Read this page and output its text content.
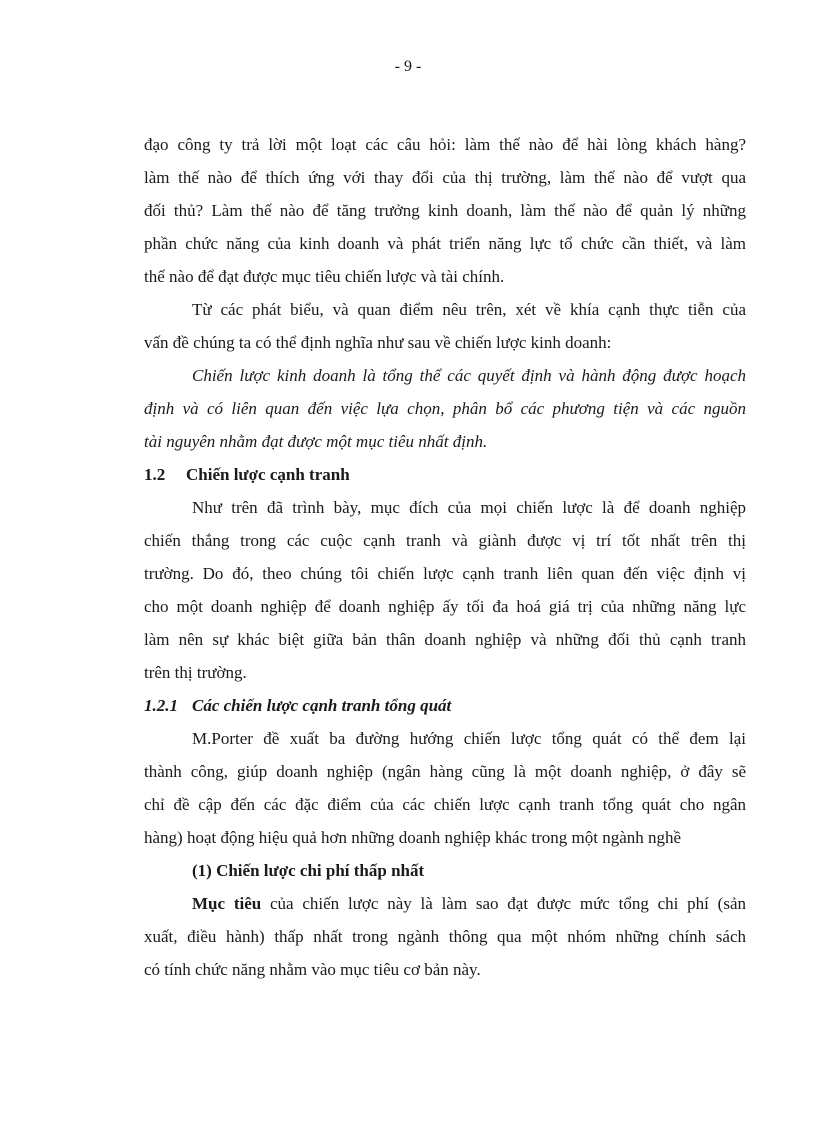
- 9 -
đạo công ty trả lời một loạt các câu hỏi: làm thế nào để hài lòng khách hàng?
làm thế nào để thích ứng với thay đổi của thị trường, làm thế nào để vượt qua
đối thủ? Làm thế nào để tăng trưởng kinh doanh, làm thế nào để quản lý những
phần chức năng của kinh doanh và phát triển năng lực tổ chức cần thiết, và làm
thế nào để đạt được mục tiêu chiến lược và tài chính.
Từ các phát biểu, và quan điểm nêu trên, xét về khía cạnh thực tiễn của
vấn đề chúng ta có thể định nghĩa như sau về chiến lược kinh doanh:
Chiến lược kinh doanh là tổng thể các quyết định và hành động được hoạch
định và có liên quan đến việc lựa chọn, phân bổ các phương tiện và các nguồn
tài nguyên nhằm đạt được một mục tiêu nhất định.
1.2 Chiến lược cạnh tranh
Như trên đã trình bày, mục đích của mọi chiến lược là để doanh nghiệp
chiến thắng trong các cuộc cạnh tranh và giành được vị trí tốt nhất trên thị
trường. Do đó, theo chúng tôi chiến lược cạnh tranh liên quan đến việc định vị
cho một doanh nghiệp để doanh nghiệp ấy tối đa hoá giá trị của những năng lực
làm nên sự khác biệt giữa bản thân doanh nghiệp và những đối thủ cạnh tranh
trên thị trường.
1.2.1 Các chiến lược cạnh tranh tổng quát
M.Porter đề xuất ba đường hướng chiến lược tổng quát có thể đem lại
thành công, giúp doanh nghiệp (ngân hàng cũng là một doanh nghiệp, ở đây sẽ
chỉ đề cập đến các đặc điểm của các chiến lược cạnh tranh tổng quát cho ngân
hàng) hoạt động hiệu quả hơn những doanh nghiệp khác trong một ngành nghề
(1) Chiến lược chi phí thấp nhất
Mục tiêu của chiến lược này là làm sao đạt được mức tổng chi phí (sản
xuất, điều hành) thấp nhất trong ngành thông qua một nhóm những chính sách
có tính chức năng nhằm vào mục tiêu cơ bản này.
